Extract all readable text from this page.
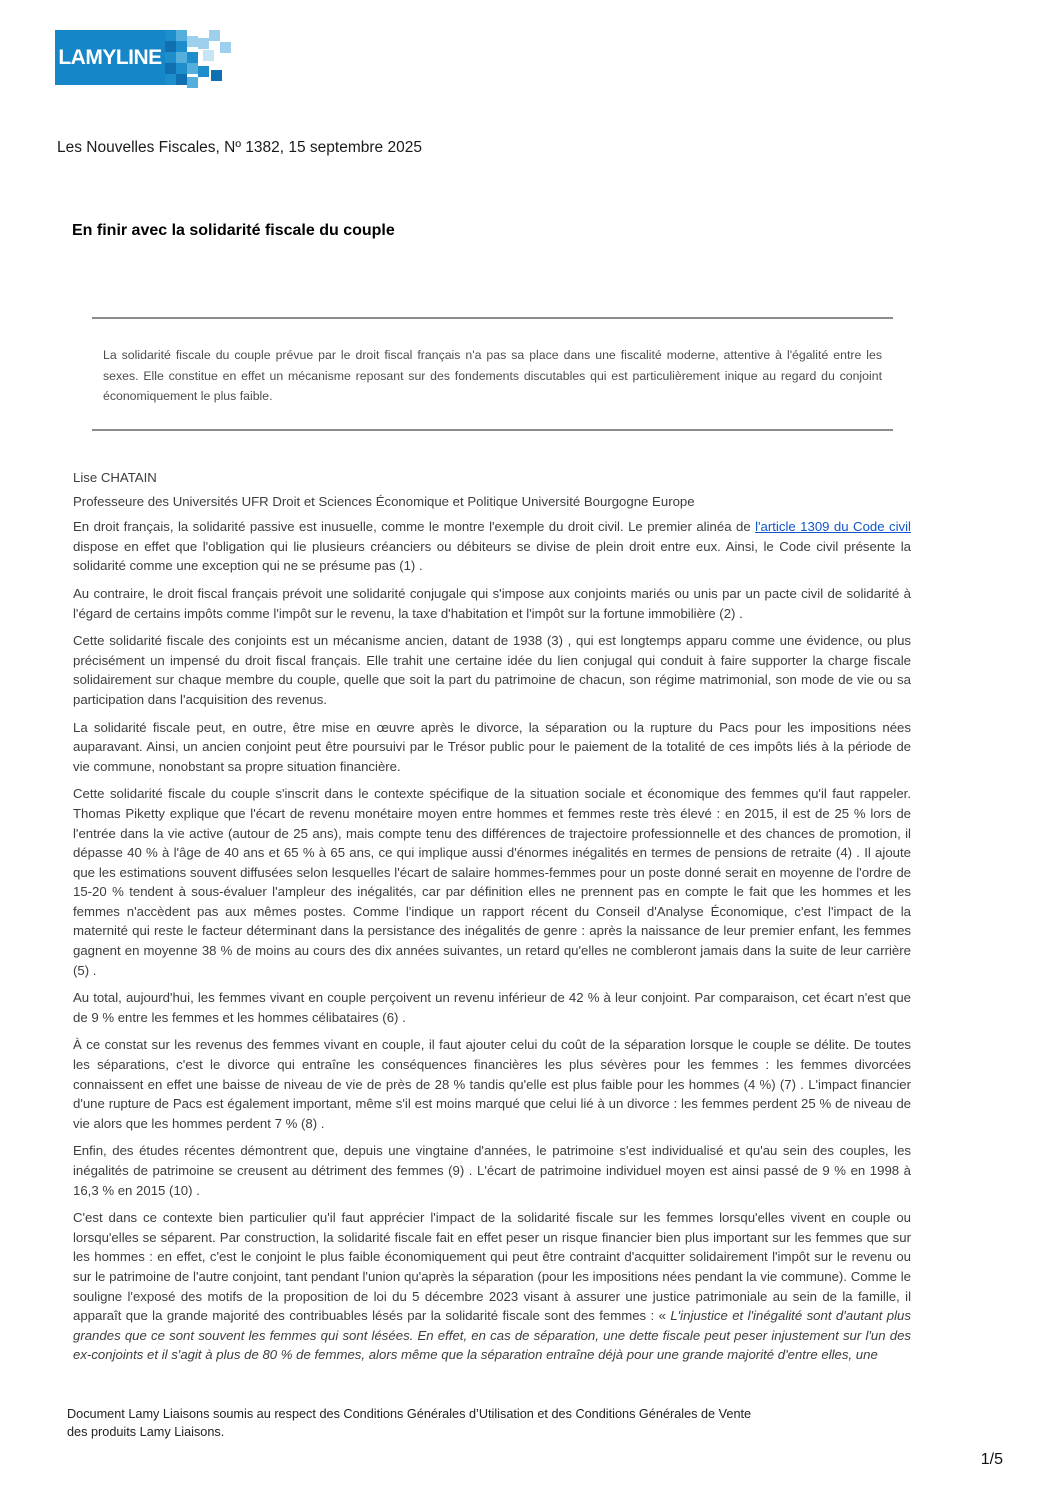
LAMYLINE
Les Nouvelles Fiscales, Nº 1382, 15 septembre 2025
En finir avec la solidarité fiscale du couple
La solidarité fiscale du couple prévue par le droit fiscal français n'a pas sa place dans une fiscalité moderne, attentive à l'égalité entre les sexes. Elle constitue en effet un mécanisme reposant sur des fondements discutables qui est particulièrement inique au regard du conjoint économiquement le plus faible.
Lise CHATAIN
Professeure des Universités UFR Droit et Sciences Économique et Politique Université Bourgogne Europe

En droit français, la solidarité passive est inusuelle, comme le montre l'exemple du droit civil. Le premier alinéa de l'article 1309 du Code civil dispose en effet que l'obligation qui lie plusieurs créanciers ou débiteurs se divise de plein droit entre eux. Ainsi, le Code civil présente la solidarité comme une exception qui ne se présume pas (1) .

Au contraire, le droit fiscal français prévoit une solidarité conjugale qui s'impose aux conjoints mariés ou unis par un pacte civil de solidarité à l'égard de certains impôts comme l'impôt sur le revenu, la taxe d'habitation et l'impôt sur la fortune immobilière (2) .

Cette solidarité fiscale des conjoints est un mécanisme ancien, datant de 1938 (3) , qui est longtemps apparu comme une évidence, ou plus précisément un impensé du droit fiscal français. Elle trahit une certaine idée du lien conjugal qui conduit à faire supporter la charge fiscale solidairement sur chaque membre du couple, quelle que soit la part du patrimoine de chacun, son régime matrimonial, son mode de vie ou sa participation dans l'acquisition des revenus.

La solidarité fiscale peut, en outre, être mise en œuvre après le divorce, la séparation ou la rupture du Pacs pour les impositions nées auparavant. Ainsi, un ancien conjoint peut être poursuivi par le Trésor public pour le paiement de la totalité de ces impôts liés à la période de vie commune, nonobstant sa propre situation financière.

Cette solidarité fiscale du couple s'inscrit dans le contexte spécifique de la situation sociale et économique des femmes qu'il faut rappeler. Thomas Piketty explique que l'écart de revenu monétaire moyen entre hommes et femmes reste très élevé : en 2015, il est de 25 % lors de l'entrée dans la vie active (autour de 25 ans), mais compte tenu des différences de trajectoire professionnelle et des chances de promotion, il dépasse 40 % à l'âge de 40 ans et 65 % à 65 ans, ce qui implique aussi d'énormes inégalités en termes de pensions de retraite (4) . Il ajoute que les estimations souvent diffusées selon lesquelles l'écart de salaire hommes-femmes pour un poste donné serait en moyenne de l'ordre de 15-20 % tendent à sous-évaluer l'ampleur des inégalités, car par définition elles ne prennent pas en compte le fait que les hommes et les femmes n'accèdent pas aux mêmes postes. Comme l'indique un rapport récent du Conseil d'Analyse Économique, c'est l'impact de la maternité qui reste le facteur déterminant dans la persistance des inégalités de genre : après la naissance de leur premier enfant, les femmes gagnent en moyenne 38 % de moins au cours des dix années suivantes, un retard qu'elles ne combleront jamais dans la suite de leur carrière (5) .

Au total, aujourd'hui, les femmes vivant en couple perçoivent un revenu inférieur de 42 % à leur conjoint. Par comparaison, cet écart n'est que de 9 % entre les femmes et les hommes célibataires (6) .

À ce constat sur les revenus des femmes vivant en couple, il faut ajouter celui du coût de la séparation lorsque le couple se délite. De toutes les séparations, c'est le divorce qui entraîne les conséquences financières les plus sévères pour les femmes : les femmes divorcées connaissent en effet une baisse de niveau de vie de près de 28 % tandis qu'elle est plus faible pour les hommes (4 %) (7) . L'impact financier d'une rupture de Pacs est également important, même s'il est moins marqué que celui lié à un divorce : les femmes perdent 25 % de niveau de vie alors que les hommes perdent 7 % (8) .

Enfin, des études récentes démontrent que, depuis une vingtaine d'années, le patrimoine s'est individualisé et qu'au sein des couples, les inégalités de patrimoine se creusent au détriment des femmes (9) . L'écart de patrimoine individuel moyen est ainsi passé de 9 % en 1998 à 16,3 % en 2015 (10) .

C'est dans ce contexte bien particulier qu'il faut apprécier l'impact de la solidarité fiscale sur les femmes lorsqu'elles vivent en couple ou lorsqu'elles se séparent. Par construction, la solidarité fiscale fait en effet peser un risque financier bien plus important sur les femmes que sur les hommes : en effet, c'est le conjoint le plus faible économiquement qui peut être contraint d'acquitter solidairement l'impôt sur le revenu ou sur le patrimoine de l'autre conjoint, tant pendant l'union qu'après la séparation (pour les impositions nées pendant la vie commune). Comme le souligne l'exposé des motifs de la proposition de loi du 5 décembre 2023 visant à assurer une justice patrimoniale au sein de la famille, il apparaît que la grande majorité des contribuables lésés par la solidarité fiscale sont des femmes : « L'injustice et l'inégalité sont d'autant plus grandes que ce sont souvent les femmes qui sont lésées. En effet, en cas de séparation, une dette fiscale peut peser injustement sur l'un des ex-conjoints et il s'agit à plus de 80 % de femmes, alors même que la séparation entraîne déjà pour une grande majorité d'entre elles, une

Document Lamy Liaisons soumis au respect des Conditions Générales d’Utilisation et des Conditions Générales de Vente des produits Lamy Liaisons.
1/5
